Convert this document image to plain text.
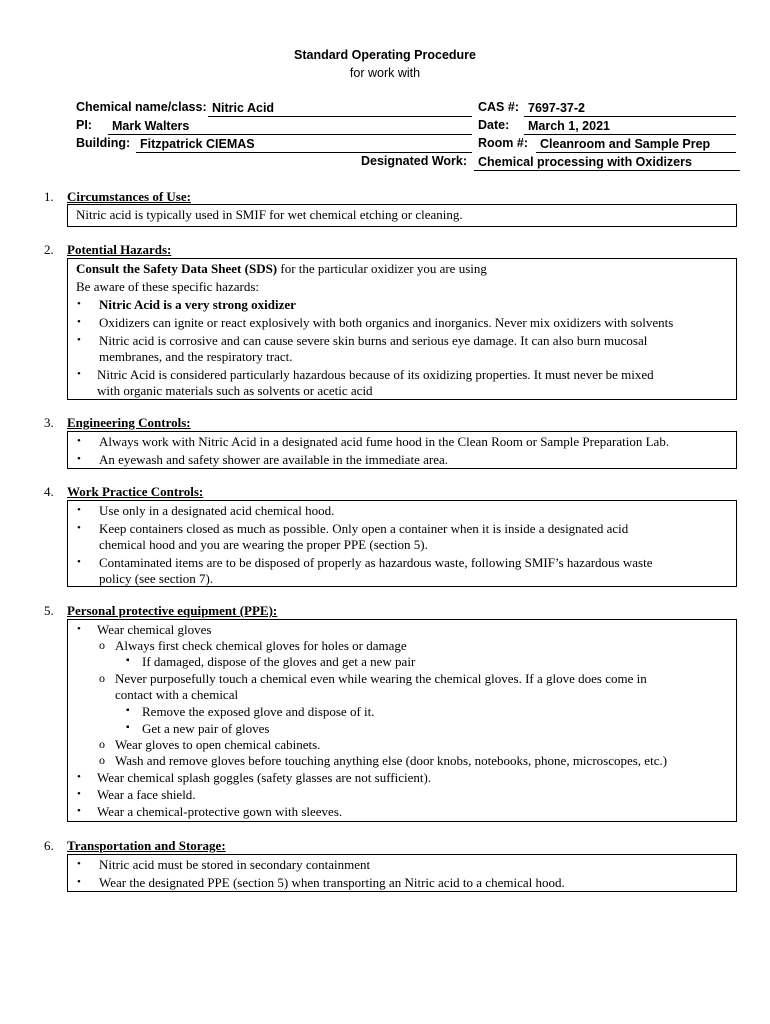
Standard Operating Procedure
for work with
Chemical name/class: Nitric Acid
PI:	Mark Walters
Building: Fitzpatrick CIEMAS
Designated Work:
CAS #: 7697-37-2
Date:	March 1, 2021
Room #: Cleanroom and Sample Prep
Chemical processing with Oxidizers
1. Circumstances of Use:
Nitric acid is typically used in SMIF for wet chemical etching or cleaning.
2. Potential Hazards:
Consult the Safety Data Sheet (SDS) for the particular oxidizer you are using
Be aware of these specific hazards:
• Nitric Acid is a very strong oxidizer
• Oxidizers can ignite or react explosively with both organics and inorganics. Never mix oxidizers with solvents
• Nitric acid is corrosive and can cause severe skin burns and serious eye damage. It can also burn mucosal
membranes, and the respiratory tract.
• Nitric Acid is considered particularly hazardous because of its oxidizing properties. It must never be mixed
with organic materials such as solvents or acetic acid
3. Engineering Controls:
• Always work with Nitric Acid in a designated acid fume hood in the Clean Room or Sample Preparation Lab.
• An eyewash and safety shower are available in the immediate area.
4. Work Practice Controls:
• Use only in a designated acid chemical hood.
• Keep containers closed as much as possible. Only open a container when it is inside a designated acid
chemical hood and you are wearing the proper PPE (section 5).
• Contaminated items are to be disposed of properly as hazardous waste, following SMIF’s hazardous waste
policy (see section 7).
5. Personal protective equipment (PPE):
• Wear chemical gloves
o Always first check chemical gloves for holes or damage
▪ If damaged, dispose of the gloves and get a new pair
o Never purposefully touch a chemical even while wearing the chemical gloves. If a glove does come in
contact with a chemical
▪ Remove the exposed glove and dispose of it.
▪ Get a new pair of gloves
o Wear gloves to open chemical cabinets.
o Wash and remove gloves before touching anything else (door knobs, notebooks, phone, microscopes, etc.)
• Wear chemical splash goggles (safety glasses are not sufficient).
• Wear a face shield.
• Wear a chemical-protective gown with sleeves.
6. Transportation and Storage:
• Nitric acid must be stored in secondary containment
• Wear the designated PPE (section 5) when transporting an Nitric acid to a chemical hood.
